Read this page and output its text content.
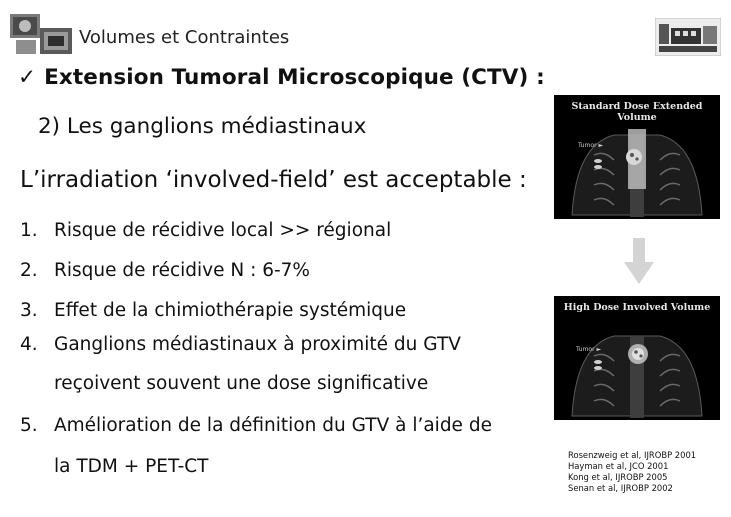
Volumes et Contraintes
✓ Extension Tumoral Microscopique (CTV) :
2) Les ganglions médiastinaux
L’irradiation ‘involved-field’ est acceptable :
1. Risque de récidive local >> régional
2. Risque de récidive N : 6-7%
3. Effet de la chimiothérapie systémique
4. Ganglions médiastinaux à proximité du GTV
reçoivent souvent une dose significative
5. Amélioration de la définition du GTV à l’aide de
la TDM + PET-CT
Standard Dose Extended Volume
Tumor ►
High Dose Involved Volume
Tumor ►
Rosenzweig et al, IJROBP 2001
Hayman et al, JCO 2001
Kong et al, IJROBP 2005
Senan et al, IJROBP 2002
